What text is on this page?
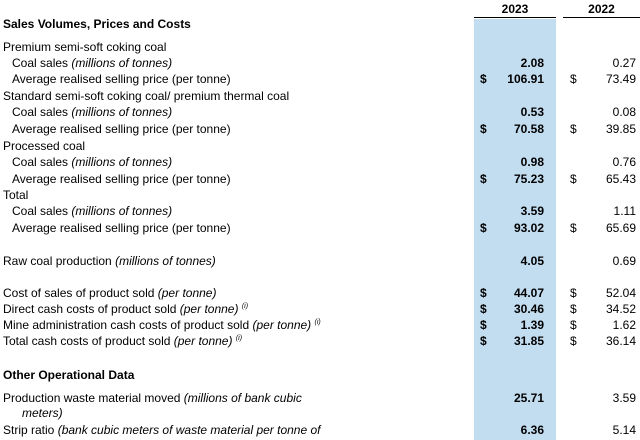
2023	2022
Sales Volumes, Prices and Costs
Premium semi-soft coking coal
Coal sales (millions of tonnes)	2.08	0.27
Average realised selling price (per tonne)	$ 106.91 $ 73.49
Standard semi-soft coking coal/ premium thermal coal
Coal sales (millions of tonnes)	0.53	0.08
Average realised selling price (per tonne)	$ 70.58 $ 39.85
Processed coal
Coal sales (millions of tonnes)	0.98	0.76
Average realised selling price (per tonne)	$ 75.23 $ 65.43
Total
Coal sales (millions of tonnes)	3.59	1.11
Average realised selling price (per tonne)	$ 93.02 $ 65.69
Raw coal production (millions of tonnes)	4.05	0.69
Cost of sales of product sold (per tonne)	$ 44.07 $ 52.04
Direct cash costs of product sold (per tonne) $^{(i)}$	$ 30.46 $ 34.52
Mine administration cash costs of product sold (per tonne) $^{(i)}$	$	1.39 $	1.62
Total cash costs of product sold (per tonne) $^{(i)}$	$ 31.85 $ 36.14
Other Operational Data
Production waste material moved (millions of bank cubic	25.71	3.59
meters)
Strip ratio (bank cubic meters of waste material per tonne of	6.36	5.14
